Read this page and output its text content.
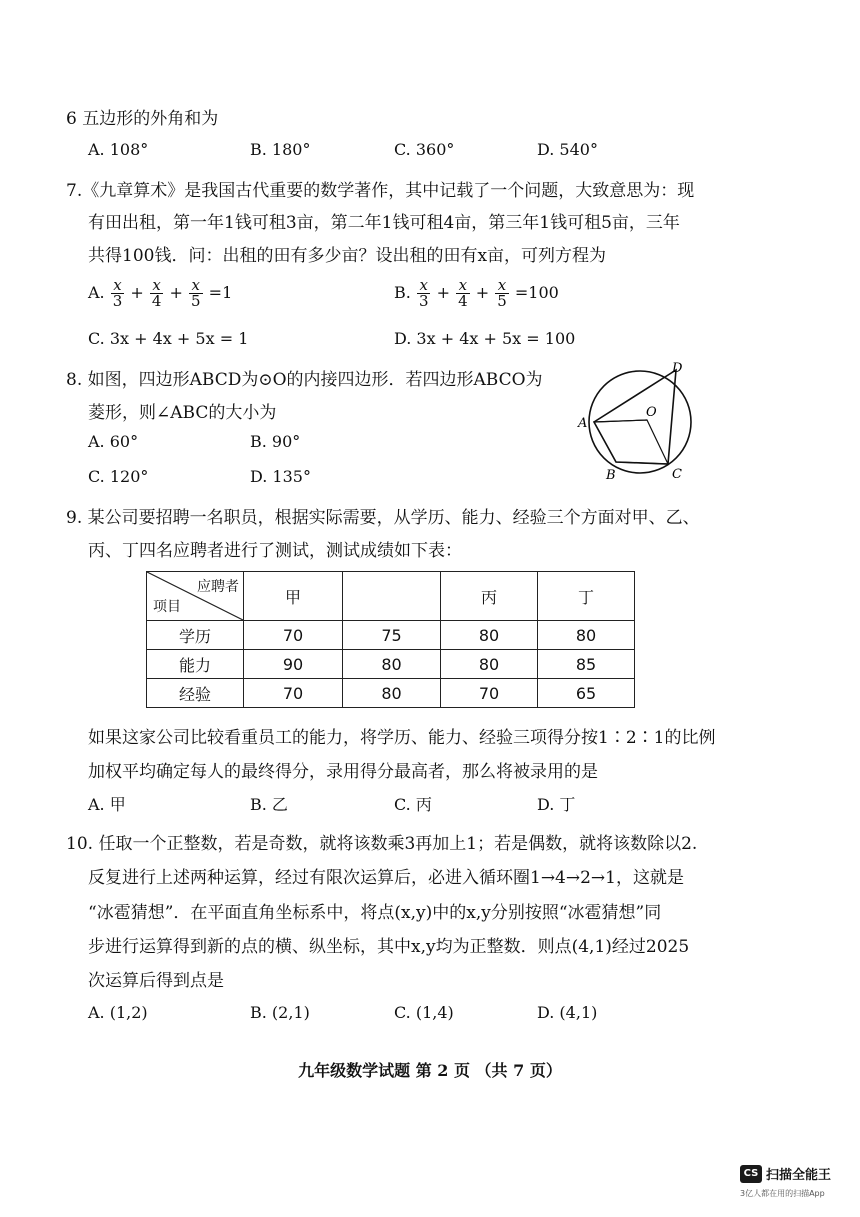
6 五边形的外角和为
A. 108°	B. 180°	C. 360°	D. 540°
7.《九章算术》是我国古代重要的数学著作，其中记载了一个问题，大致意思为：现
有田出租，第一年1钱可租3亩，第二年1钱可租4亩，第三年1钱可租5亩，三年
共得100钱．问：出租的田有多少亩？设出租的田有x亩，可列方程为
A. $\frac{x}{3} + \frac{x}{4} + \frac{x}{5} =1$	B. $\frac{x}{3} + \frac{x}{4} + \frac{x}{5} =100$
C. 3x + 4x + 5x = 1	D. 3x + 4x + 5x = 100
8. 如图，四边形ABCD为⊙O的内接四边形．若四边形ABCO为
菱形，则∠ABC的大小为
A. 60°	B. 90°
C. 120°	D. 135°
A
B	C
D
O
9. 某公司要招聘一名职员，根据实际需要，从学历、能力、经验三个方面对甲、乙、
丙、丁四名应聘者进行了测试，测试成绩如下表：
应聘者
项目	甲		丙	丁
学历	70	75	80	80
能力	90	80	80	85
经验	70	80	70	65
如果这家公司比较看重员工的能力，将学历、能力、经验三项得分按1∶2∶1的比例
加权平均确定每人的最终得分，录用得分最高者，那么将被录用的是
A. 甲	B. 乙	C. 丙	D. 丁
10. 任取一个正整数，若是奇数，就将该数乘3再加上1；若是偶数，就将该数除以2.
反复进行上述两种运算，经过有限次运算后，必进入循环圈1→4→2→1，这就是
“冰雹猜想”．在平面直角坐标系中，将点(x,y)中的x,y分别按照“冰雹猜想”同
步进行运算得到新的点的横、纵坐标，其中x,y均为正整数．则点(4,1)经过2025
次运算后得到点是
A. (1,2)	B. (2,1)	C. (1,4)	D. (4,1)
九年级数学试题 第 2 页 （共 7 页）
CS 扫描全能王
3亿人都在用的扫描App
